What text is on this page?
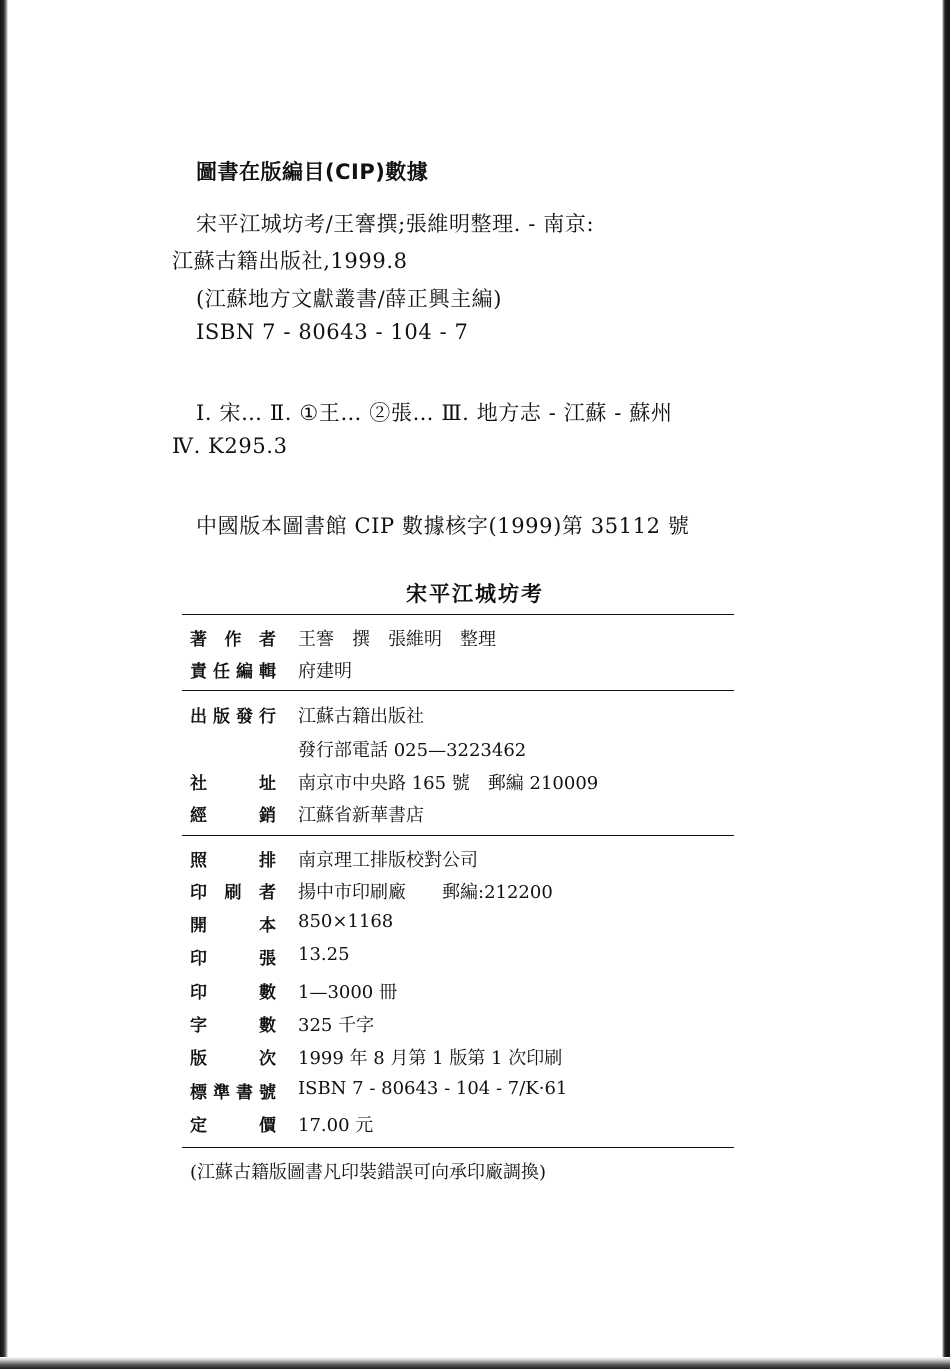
圖書在版編目(CIP)數據
宋平江城坊考/王謇撰;張維明整理. - 南京:
江蘇古籍出版社,1999.8
(江蘇地方文獻叢書/薛正興主編)
ISBN 7 - 80643 - 104 - 7
Ⅰ. 宋… Ⅱ. ①王… ②張… Ⅲ. 地方志 - 江蘇 - 蘇州
Ⅳ. K295.3
中國版本圖書館 CIP 數據核字(1999)第 35112 號
宋平江城坊考
著作者 王謇　撰　張維明　整理
責任編輯 府建明
出版發行 江蘇古籍出版社
發行部電話 025—3223462
社址 南京市中央路 165 號　郵編 210009
經銷 江蘇省新華書店
照排 南京理工排版校對公司
印刷者 揚中市印刷廠　　郵編:212200
開本 850×1168
印張 13.25
印數 1—3000 冊
字數 325 千字
版次 1999 年 8 月第 1 版第 1 次印刷
標準書號 ISBN 7 - 80643 - 104 - 7/K·61
定價 17.00 元
(江蘇古籍版圖書凡印裝錯誤可向承印廠調換)
